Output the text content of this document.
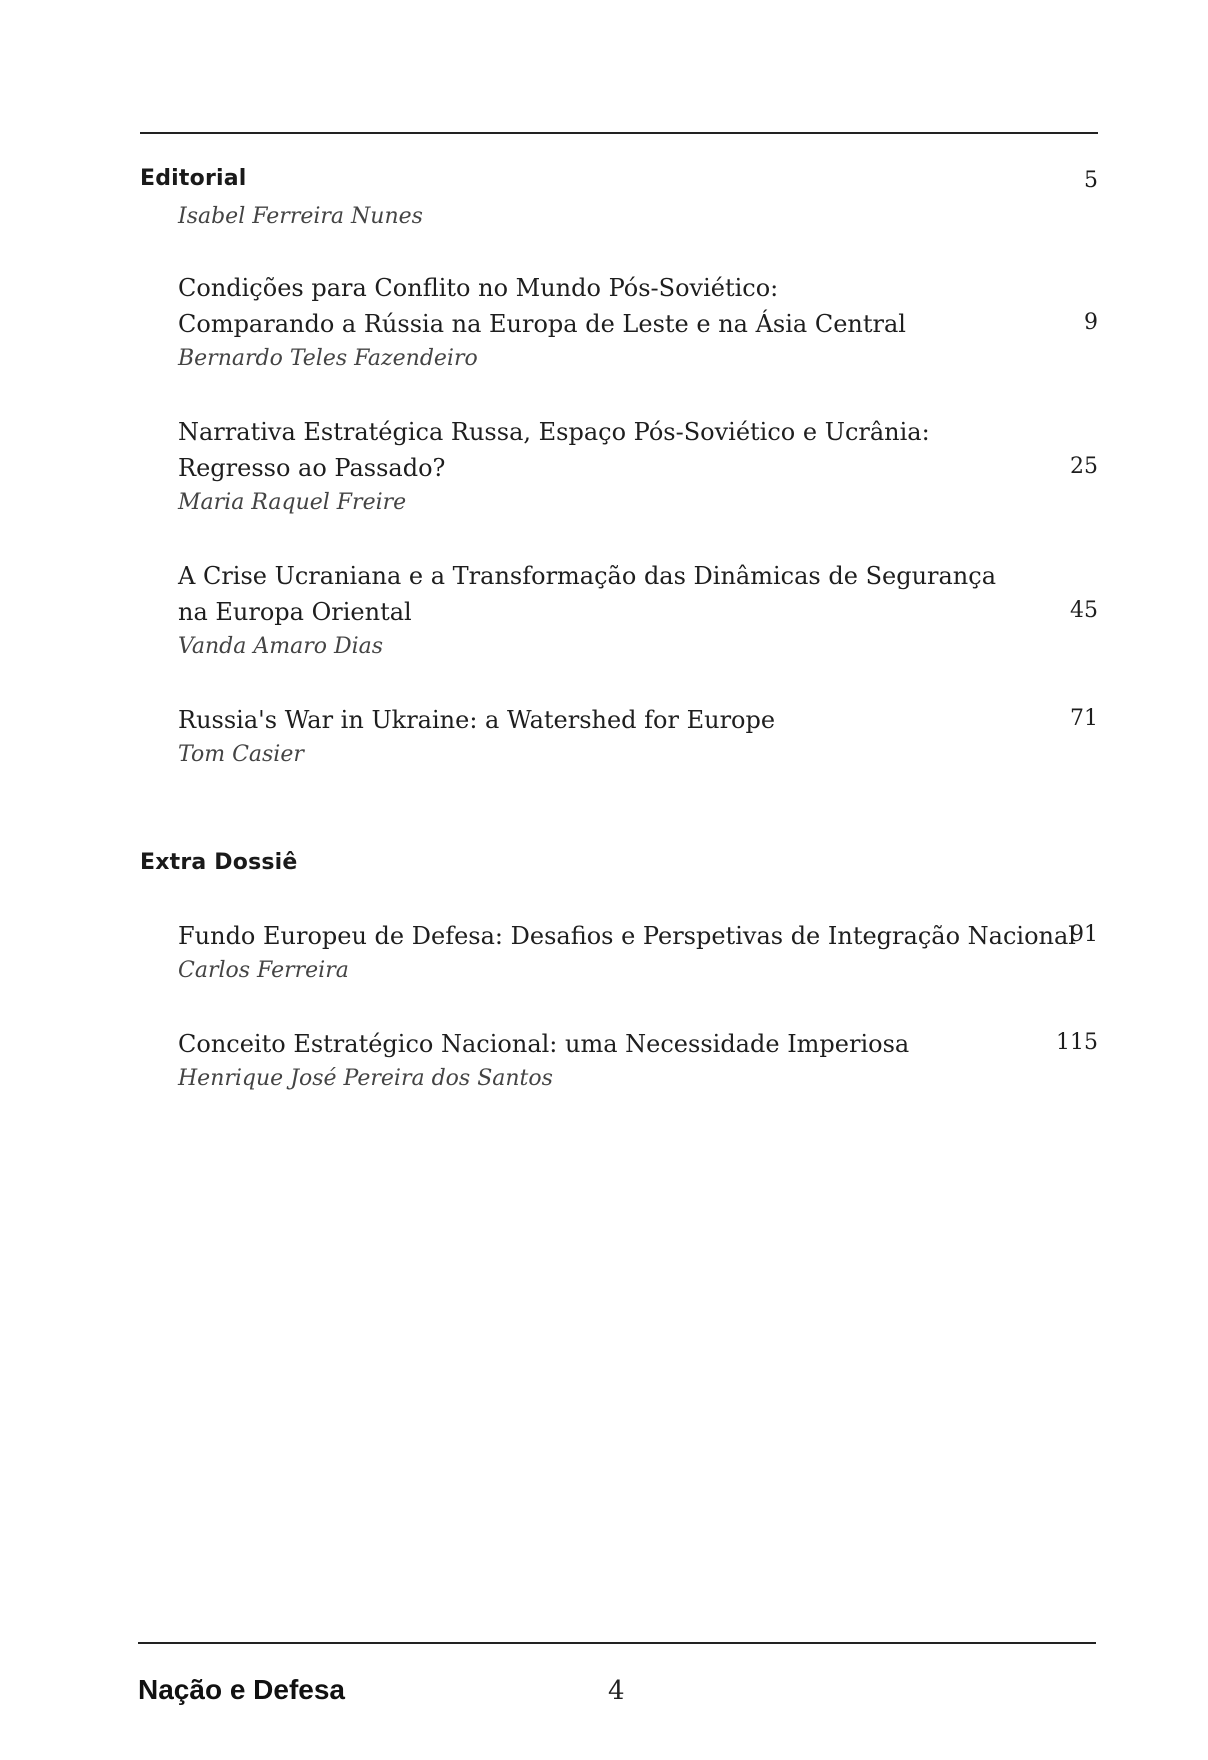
Editorial	5
Isabel Ferreira Nunes
Condições para Conflito no Mundo Pós-Soviético:
Comparando a Rússia na Europa de Leste e na Ásia Central
Bernardo Teles Fazendeiro
9
Narrativa Estratégica Russa, Espaço Pós-Soviético e Ucrânia:
Regresso ao Passado?
Maria Raquel Freire
25
A Crise Ucraniana e a Transformação das Dinâmicas de Segurança
na Europa Oriental
Vanda Amaro Dias
45
Russia's War in Ukraine: a Watershed for Europe
Tom Casier
71
Extra Dossiê
Fundo Europeu de Defesa: Desafios e Perspetivas de Integração Nacional
Carlos Ferreira
91
Conceito Estratégico Nacional: uma Necessidade Imperiosa
Henrique José Pereira dos Santos
115
Nação e Defesa	4
